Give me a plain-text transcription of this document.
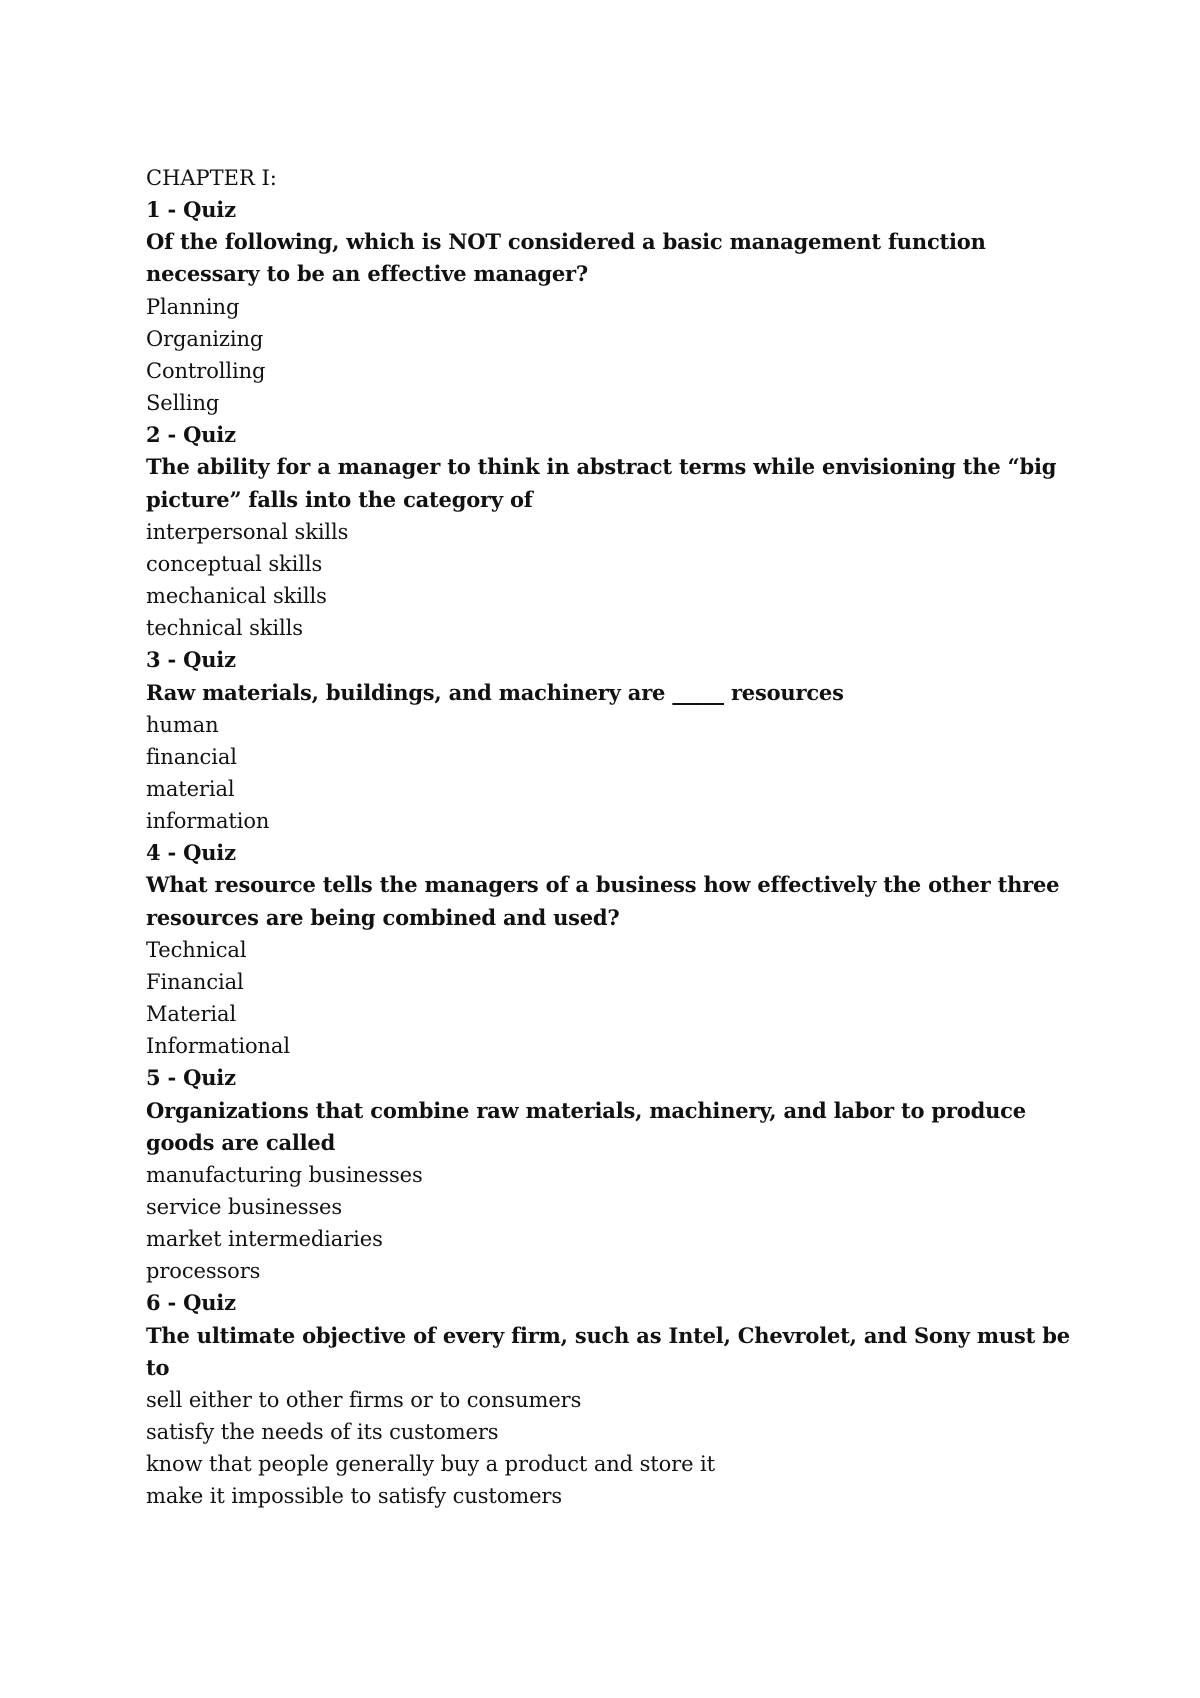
CHAPTER I:
1 - Quiz
Of the following, which is NOT considered a basic management function necessary to be an effective manager?
Planning
Organizing
Controlling
Selling
2 - Quiz
The ability for a manager to think in abstract terms while envisioning the “big picture” falls into the category of
interpersonal skills
conceptual skills
mechanical skills
technical skills
3 - Quiz
Raw materials, buildings, and machinery are _____ resources
human
financial
material
information
4 - Quiz
What resource tells the managers of a business how effectively the other three resources are being combined and used?
Technical
Financial
Material
Informational
5 - Quiz
Organizations that combine raw materials, machinery, and labor to produce goods are called
manufacturing businesses
service businesses
market intermediaries
processors
6 - Quiz
The ultimate objective of every firm, such as Intel, Chevrolet, and Sony must be to
sell either to other firms or to consumers
satisfy the needs of its customers
know that people generally buy a product and store it
make it impossible to satisfy customers
